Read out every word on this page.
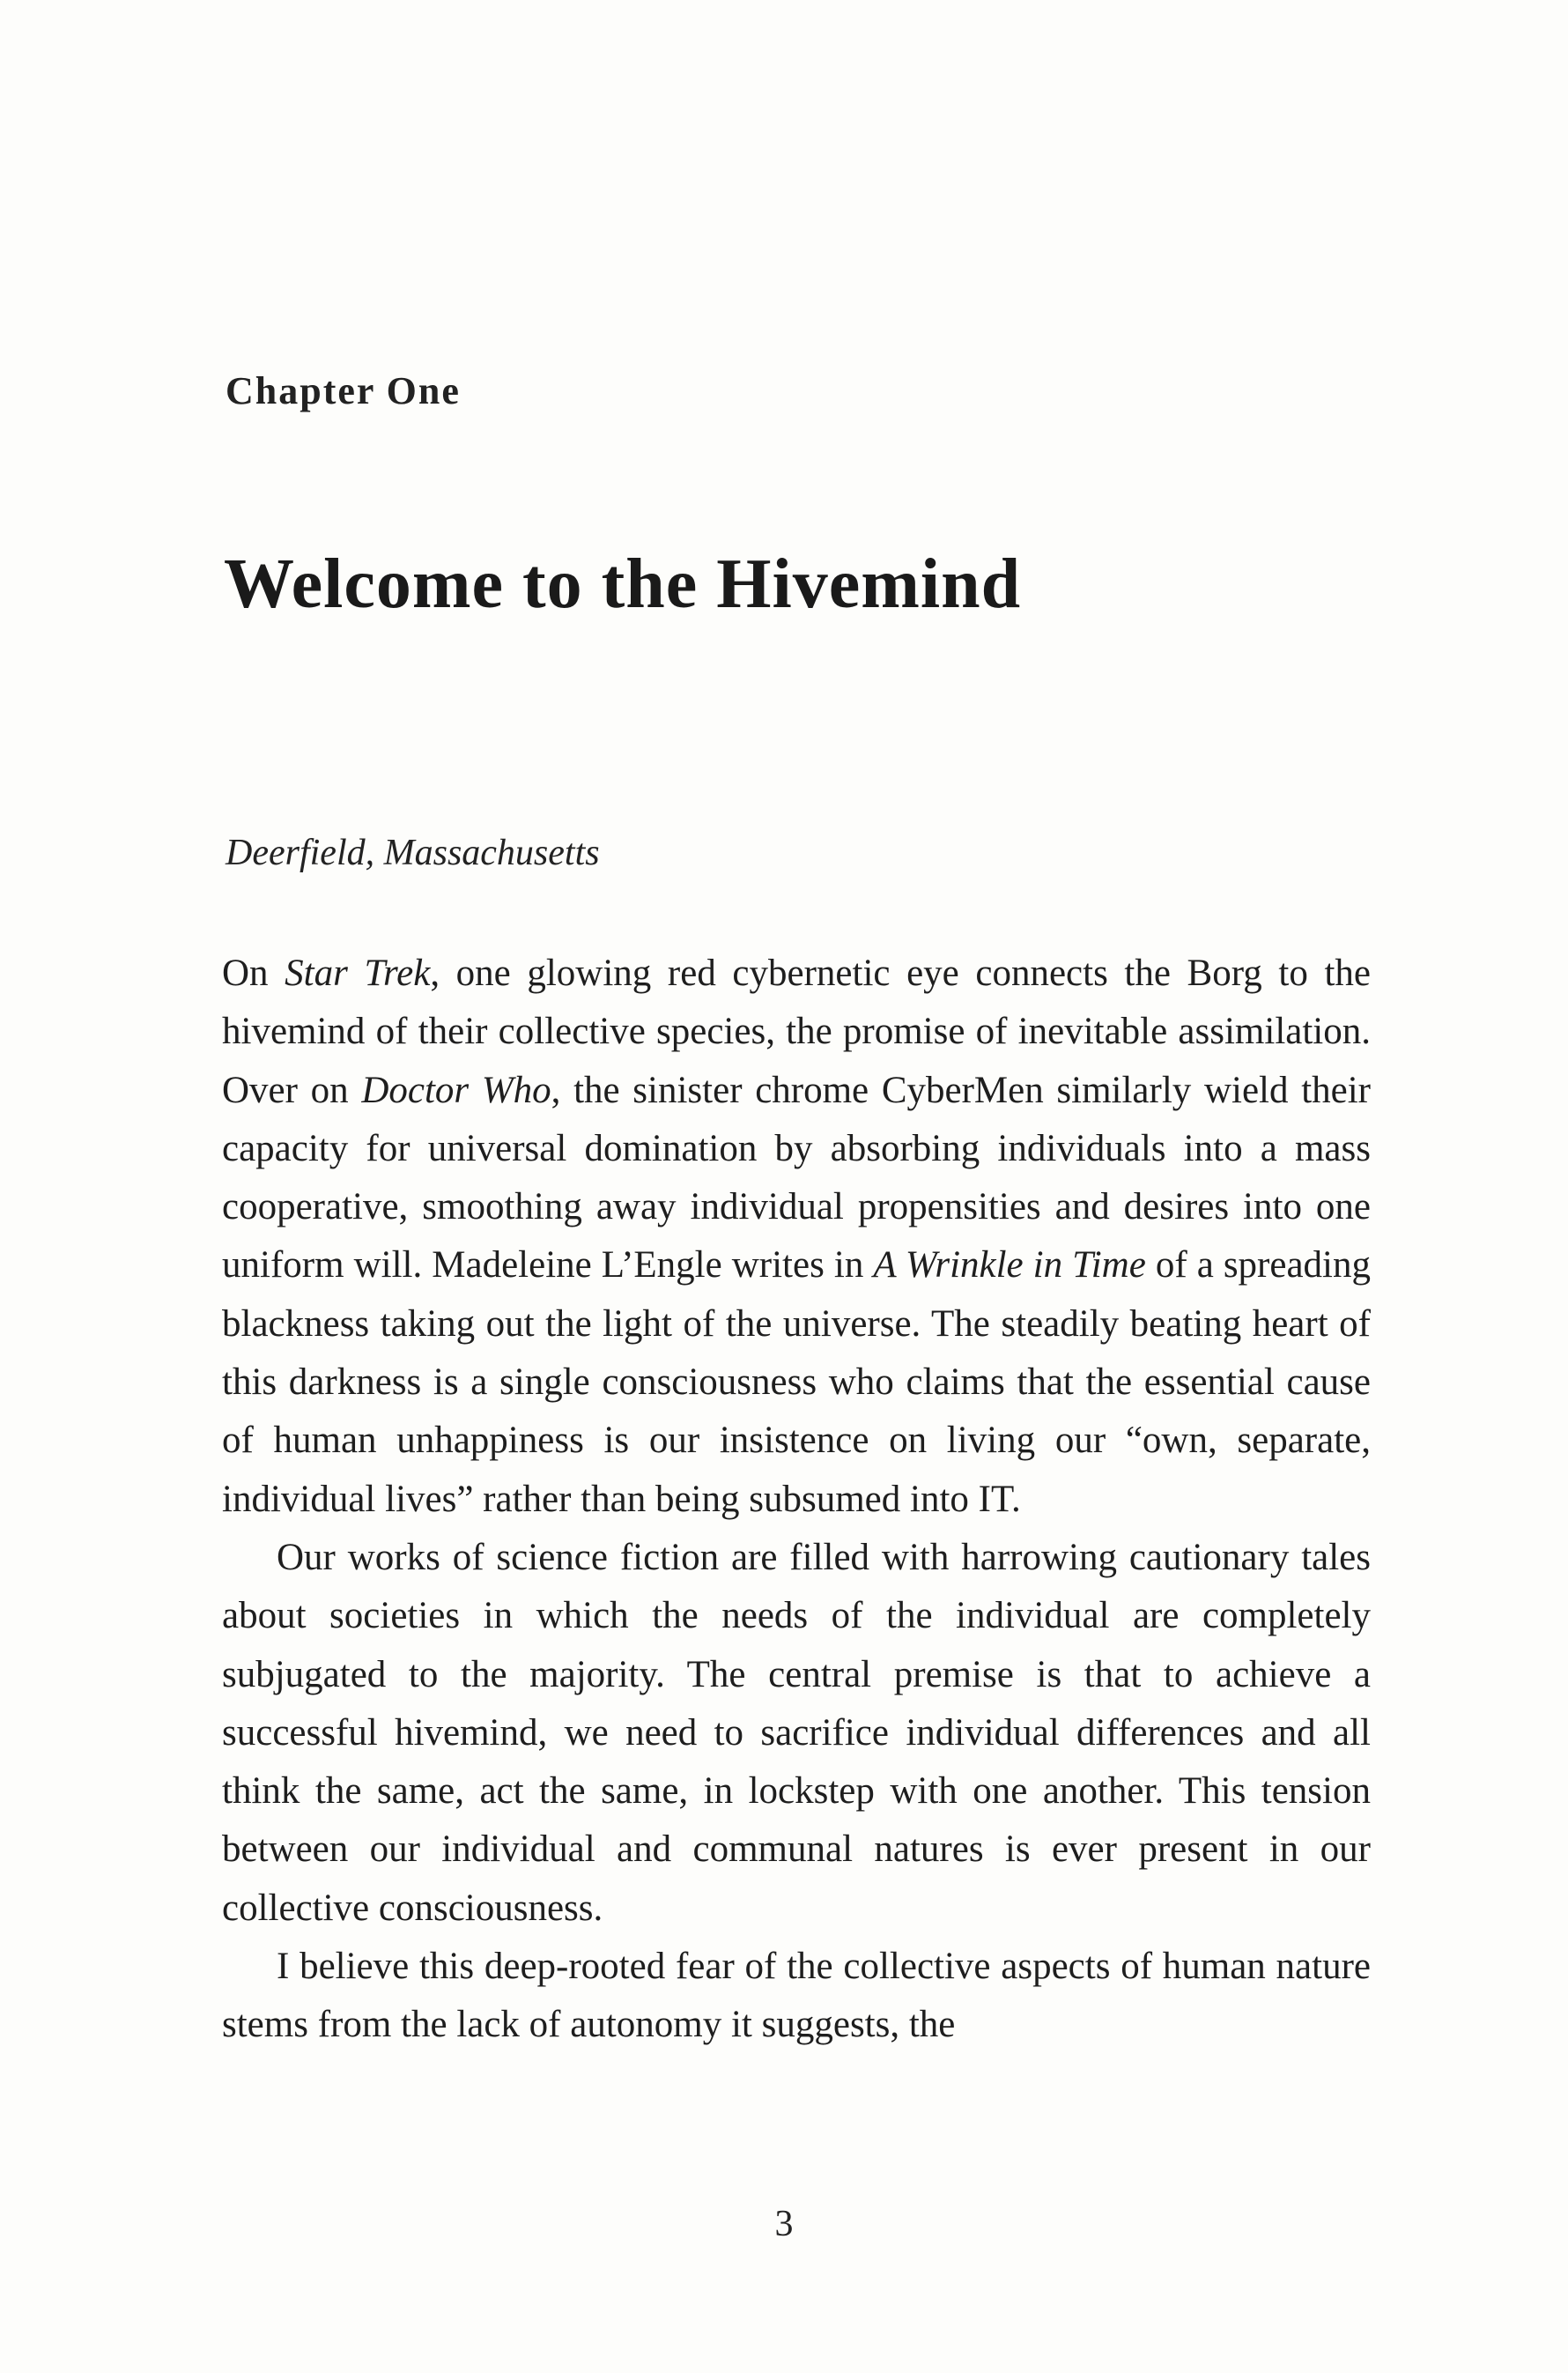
Chapter One
Welcome to the Hivemind

Deerfield, Massachusetts

On Star Trek, one glowing red cybernetic eye connects the Borg to the hivemind of their collective species, the promise of inevitable assimilation. Over on Doctor Who, the sinister chrome CyberMen similarly wield their capacity for universal domination by absorbing individuals into a mass cooperative, smoothing away individual propensities and desires into one uniform will. Madeleine L’Engle writes in A Wrinkle in Time of a spreading blackness taking out the light of the universe. The steadily beating heart of this darkness is a single consciousness who claims that the essential cause of human unhappiness is our insistence on living our “own, separate, individual lives” rather than being subsumed into IT.

Our works of science fiction are filled with harrowing cautionary tales about societies in which the needs of the individual are completely subjugated to the majority. The central premise is that to achieve a successful hivemind, we need to sacrifice individual differences and all think the same, act the same, in lockstep with one another. This tension between our individual and communal natures is ever present in our collective consciousness.

I believe this deep-rooted fear of the collective aspects of human nature stems from the lack of autonomy it suggests, the

3
